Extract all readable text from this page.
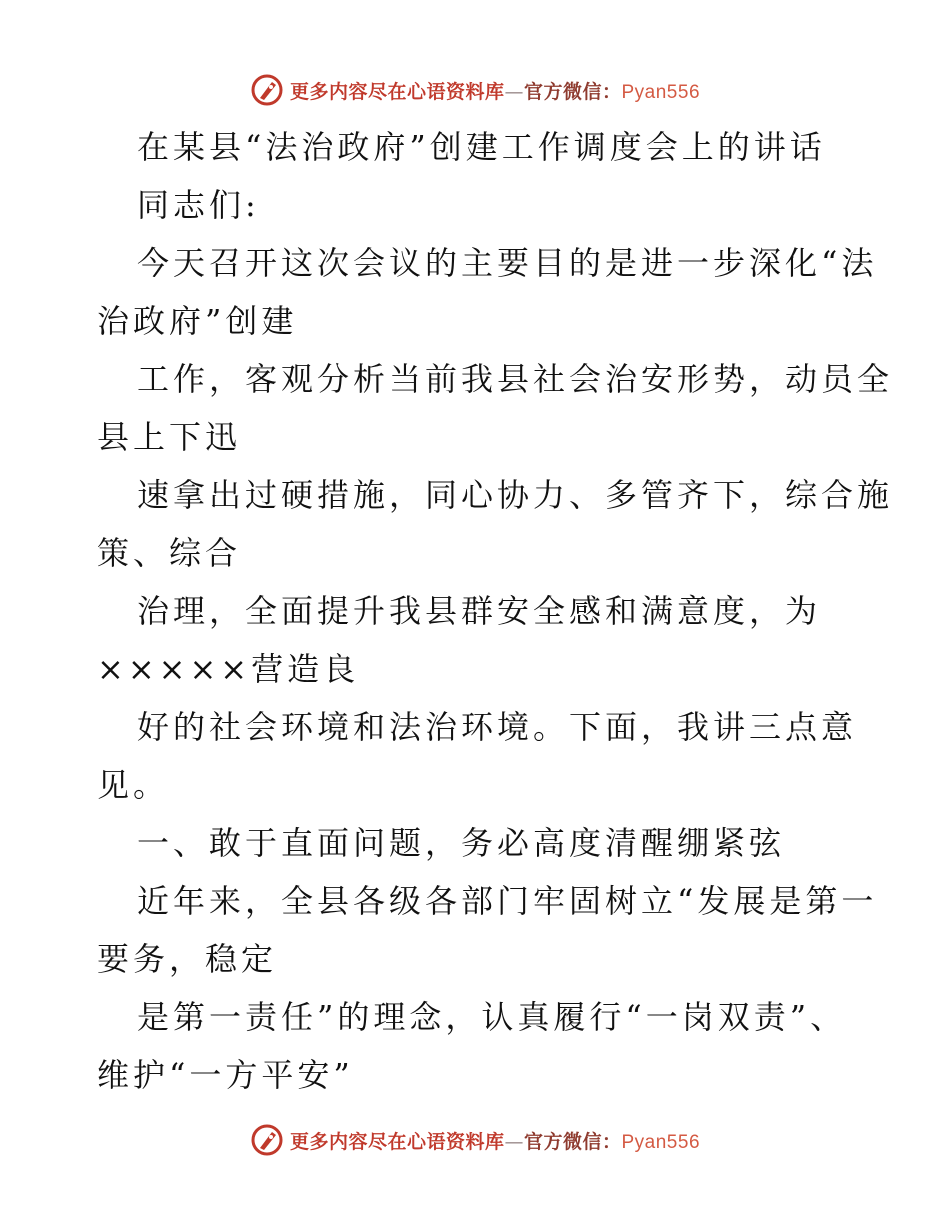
更多内容尽在心语资料库—官方微信：Pyan556
在某县“法治政府”创建工作调度会上的讲话
同志们:
今天召开这次会议的主要目的是进一步深化“法
治政府”创建
工作，客观分析当前我县社会治安形势，动员全
县上下迅
速拿出过硬措施，同心协力、多管齐下，综合施
策、综合
治理，全面提升我县群安全感和满意度，为
×××××营造良
好的社会环境和法治环境。下面，我讲三点意
见。
一、敢于直面问题，务必高度清醒绷紧弦
近年来，全县各级各部门牢固树立“发展是第一
要务，稳定
是第一责任”的理念，认真履行“一岗双责”、
维护“一方平安”
更多内容尽在心语资料库—官方微信：Pyan556
